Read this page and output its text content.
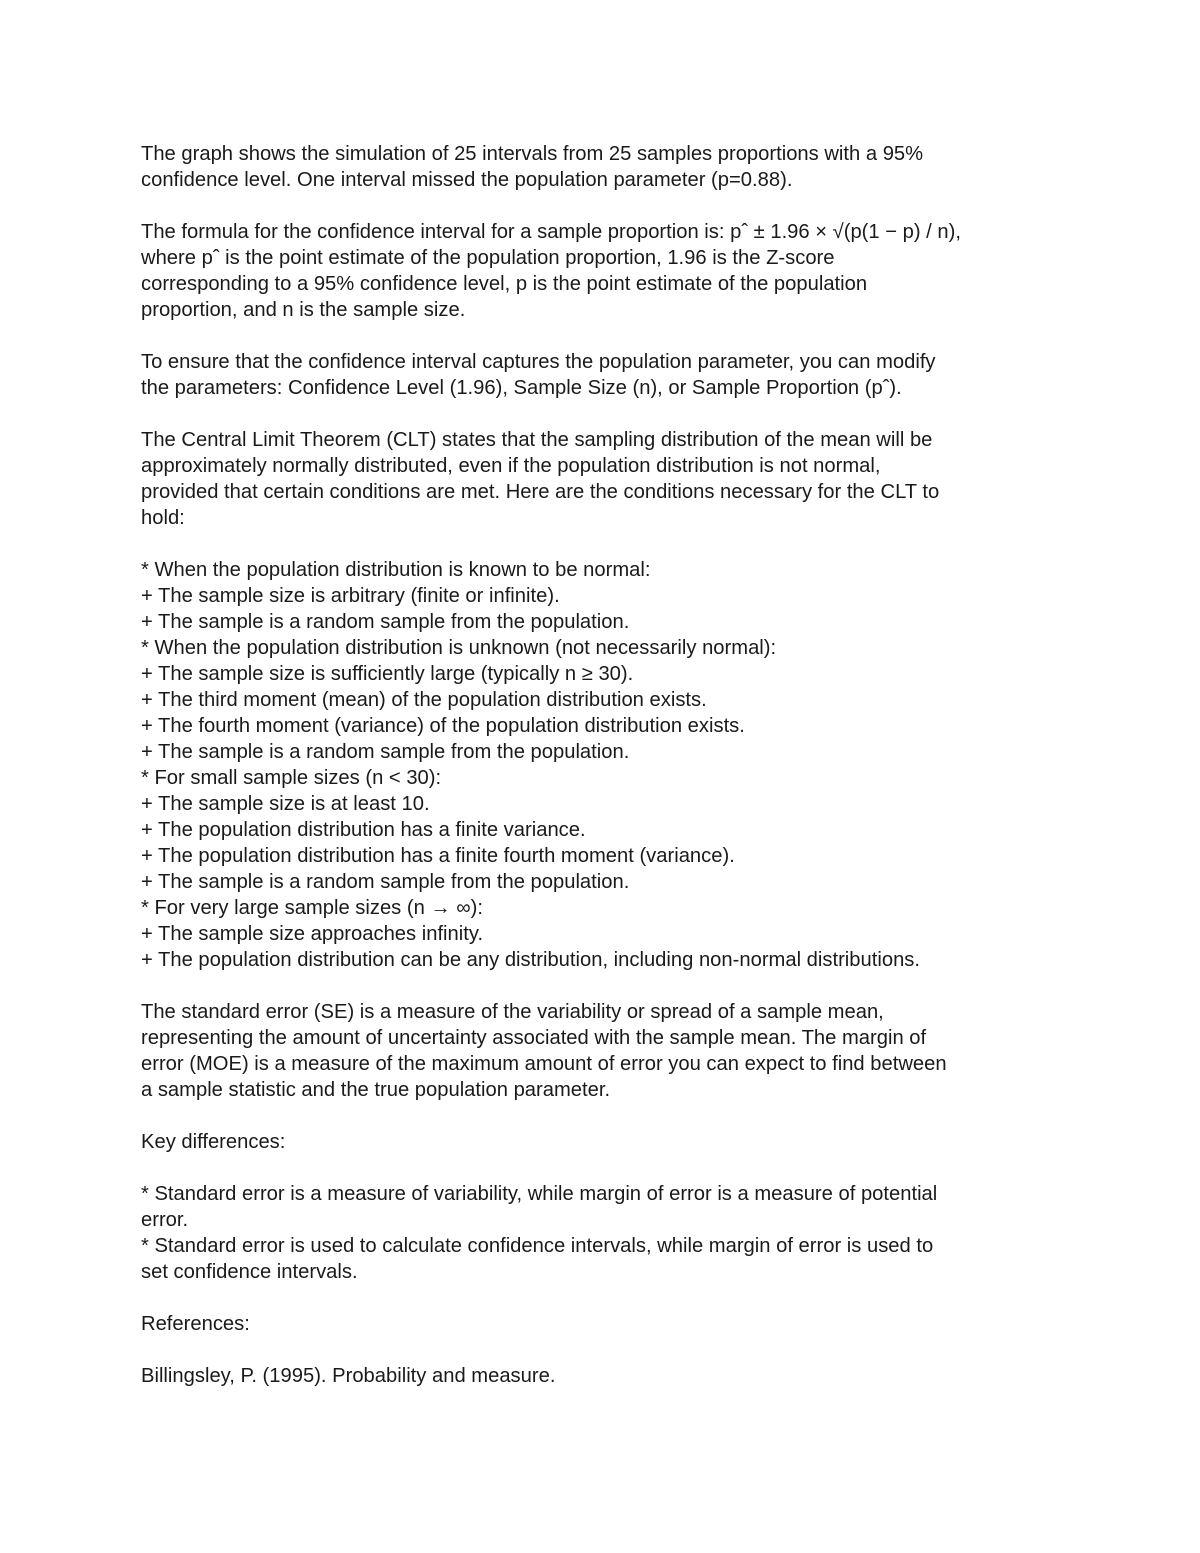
The graph shows the simulation of 25 intervals from 25 samples proportions with a 95%
confidence level. One interval missed the population parameter (p=0.88).
The formula for the confidence interval for a sample proportion is: pˆ ± 1.96 × √(p(1 − p) / n),
where pˆ is the point estimate of the population proportion, 1.96 is the Z-score
corresponding to a 95% confidence level, p is the point estimate of the population
proportion, and n is the sample size.
To ensure that the confidence interval captures the population parameter, you can modify
the parameters: Confidence Level (1.96), Sample Size (n), or Sample Proportion (pˆ).
The Central Limit Theorem (CLT) states that the sampling distribution of the mean will be
approximately normally distributed, even if the population distribution is not normal,
provided that certain conditions are met. Here are the conditions necessary for the CLT to
hold:
* When the population distribution is known to be normal:
+ The sample size is arbitrary (finite or infinite).
+ The sample is a random sample from the population.
* When the population distribution is unknown (not necessarily normal):
+ The sample size is sufficiently large (typically n ≥ 30).
+ The third moment (mean) of the population distribution exists.
+ The fourth moment (variance) of the population distribution exists.
+ The sample is a random sample from the population.
* For small sample sizes (n < 30):
+ The sample size is at least 10.
+ The population distribution has a finite variance.
+ The population distribution has a finite fourth moment (variance).
+ The sample is a random sample from the population.
* For very large sample sizes (n → ∞):
+ The sample size approaches infinity.
+ The population distribution can be any distribution, including non-normal distributions.
The standard error (SE) is a measure of the variability or spread of a sample mean,
representing the amount of uncertainty associated with the sample mean. The margin of
error (MOE) is a measure of the maximum amount of error you can expect to find between
a sample statistic and the true population parameter.
Key differences:
* Standard error is a measure of variability, while margin of error is a measure of potential
error.
* Standard error is used to calculate confidence intervals, while margin of error is used to
set confidence intervals.
References:
Billingsley, P. (1995). Probability and measure.
